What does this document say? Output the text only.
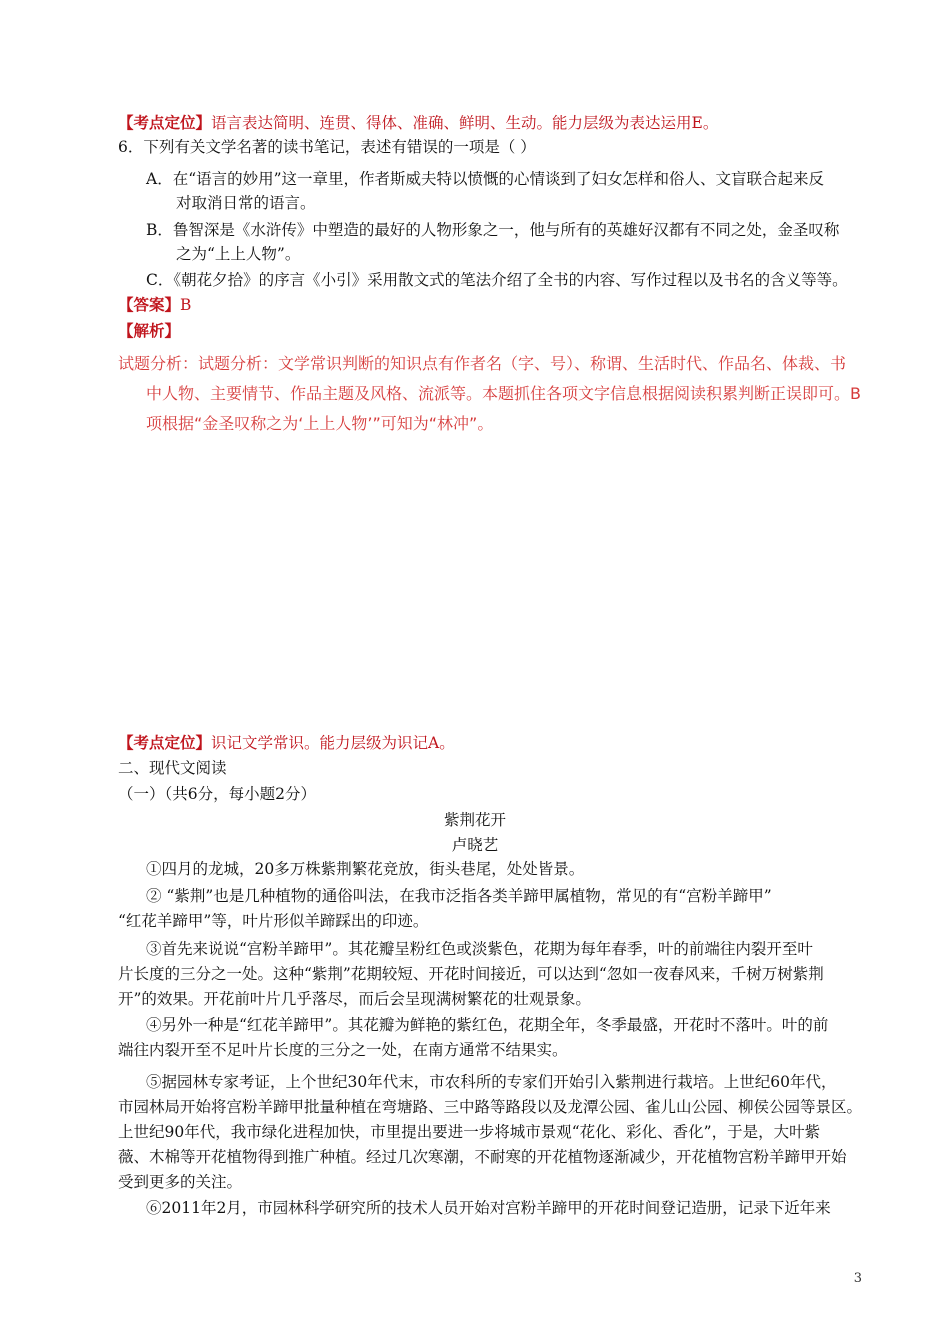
【考点定位】语言表达简明、连贯、得体、准确、鲜明、生动。能力层级为表达运用E。
6．下列有关文学名著的读书笔记，表述有错误的一项是（ ）
A．在“语言的妙用”这一章里，作者斯威夫特以愤慨的心情谈到了妇女怎样和俗人、文盲联合起来反
对取消日常的语言。
B．鲁智深是《水浒传》中塑造的最好的人物形象之一，他与所有的英雄好汉都有不同之处，金圣叹称
之为“上上人物”。
C．《朝花夕拾》的序言《小引》采用散文式的笔法介绍了全书的内容、写作过程以及书名的含义等等。
【答案】B
【解析】
试题分析：试题分析：文学常识判断的知识点有作者名（字、号）、称谓、生活时代、作品名、体裁、书
中人物、主要情节、作品主题及风格、流派等。本题抓住各项文字信息根据阅读积累判断正误即可。B
项根据“金圣叹称之为‘上上人物’”可知为“林冲”。
【考点定位】识记文学常识。能力层级为识记A。
二、现代文阅读
（一）（共6分，每小题2分）
紫荆花开
卢晓艺
①四月的龙城，20多万株紫荆繁花竞放，街头巷尾，处处皆景。
② “紫荆”也是几种植物的通俗叫法，在我市泛指各类羊蹄甲属植物，常见的有“宫粉羊蹄甲”
“红花羊蹄甲”等，叶片形似羊蹄踩出的印迹。
③首先来说说“宫粉羊蹄甲”。其花瓣呈粉红色或淡紫色，花期为每年春季，叶的前端往内裂开至叶
片长度的三分之一处。这种“紫荆”花期较短、开花时间接近，可以达到“忽如一夜春风来，千树万树紫荆
开”的效果。开花前叶片几乎落尽，而后会呈现满树繁花的壮观景象。
④另外一种是“红花羊蹄甲”。其花瓣为鲜艳的紫红色，花期全年，冬季最盛，开花时不落叶。叶的前
端往内裂开至不足叶片长度的三分之一处，在南方通常不结果实。
⑤据园林专家考证，上个世纪30年代末，市农科所的专家们开始引入紫荆进行栽培。上世纪60年代，
市园林局开始将宫粉羊蹄甲批量种植在弯塘路、三中路等路段以及龙潭公园、雀儿山公园、柳侯公园等景区。
上世纪90年代，我市绿化进程加快，市里提出要进一步将城市景观“花化、彩化、香化”，于是，大叶紫
薇、木棉等开花植物得到推广种植。经过几次寒潮，不耐寒的开花植物逐渐减少，开花植物宫粉羊蹄甲开始
受到更多的关注。
⑥2011年2月，市园林科学研究所的技术人员开始对宫粉羊蹄甲的开花时间登记造册，记录下近年来
3
